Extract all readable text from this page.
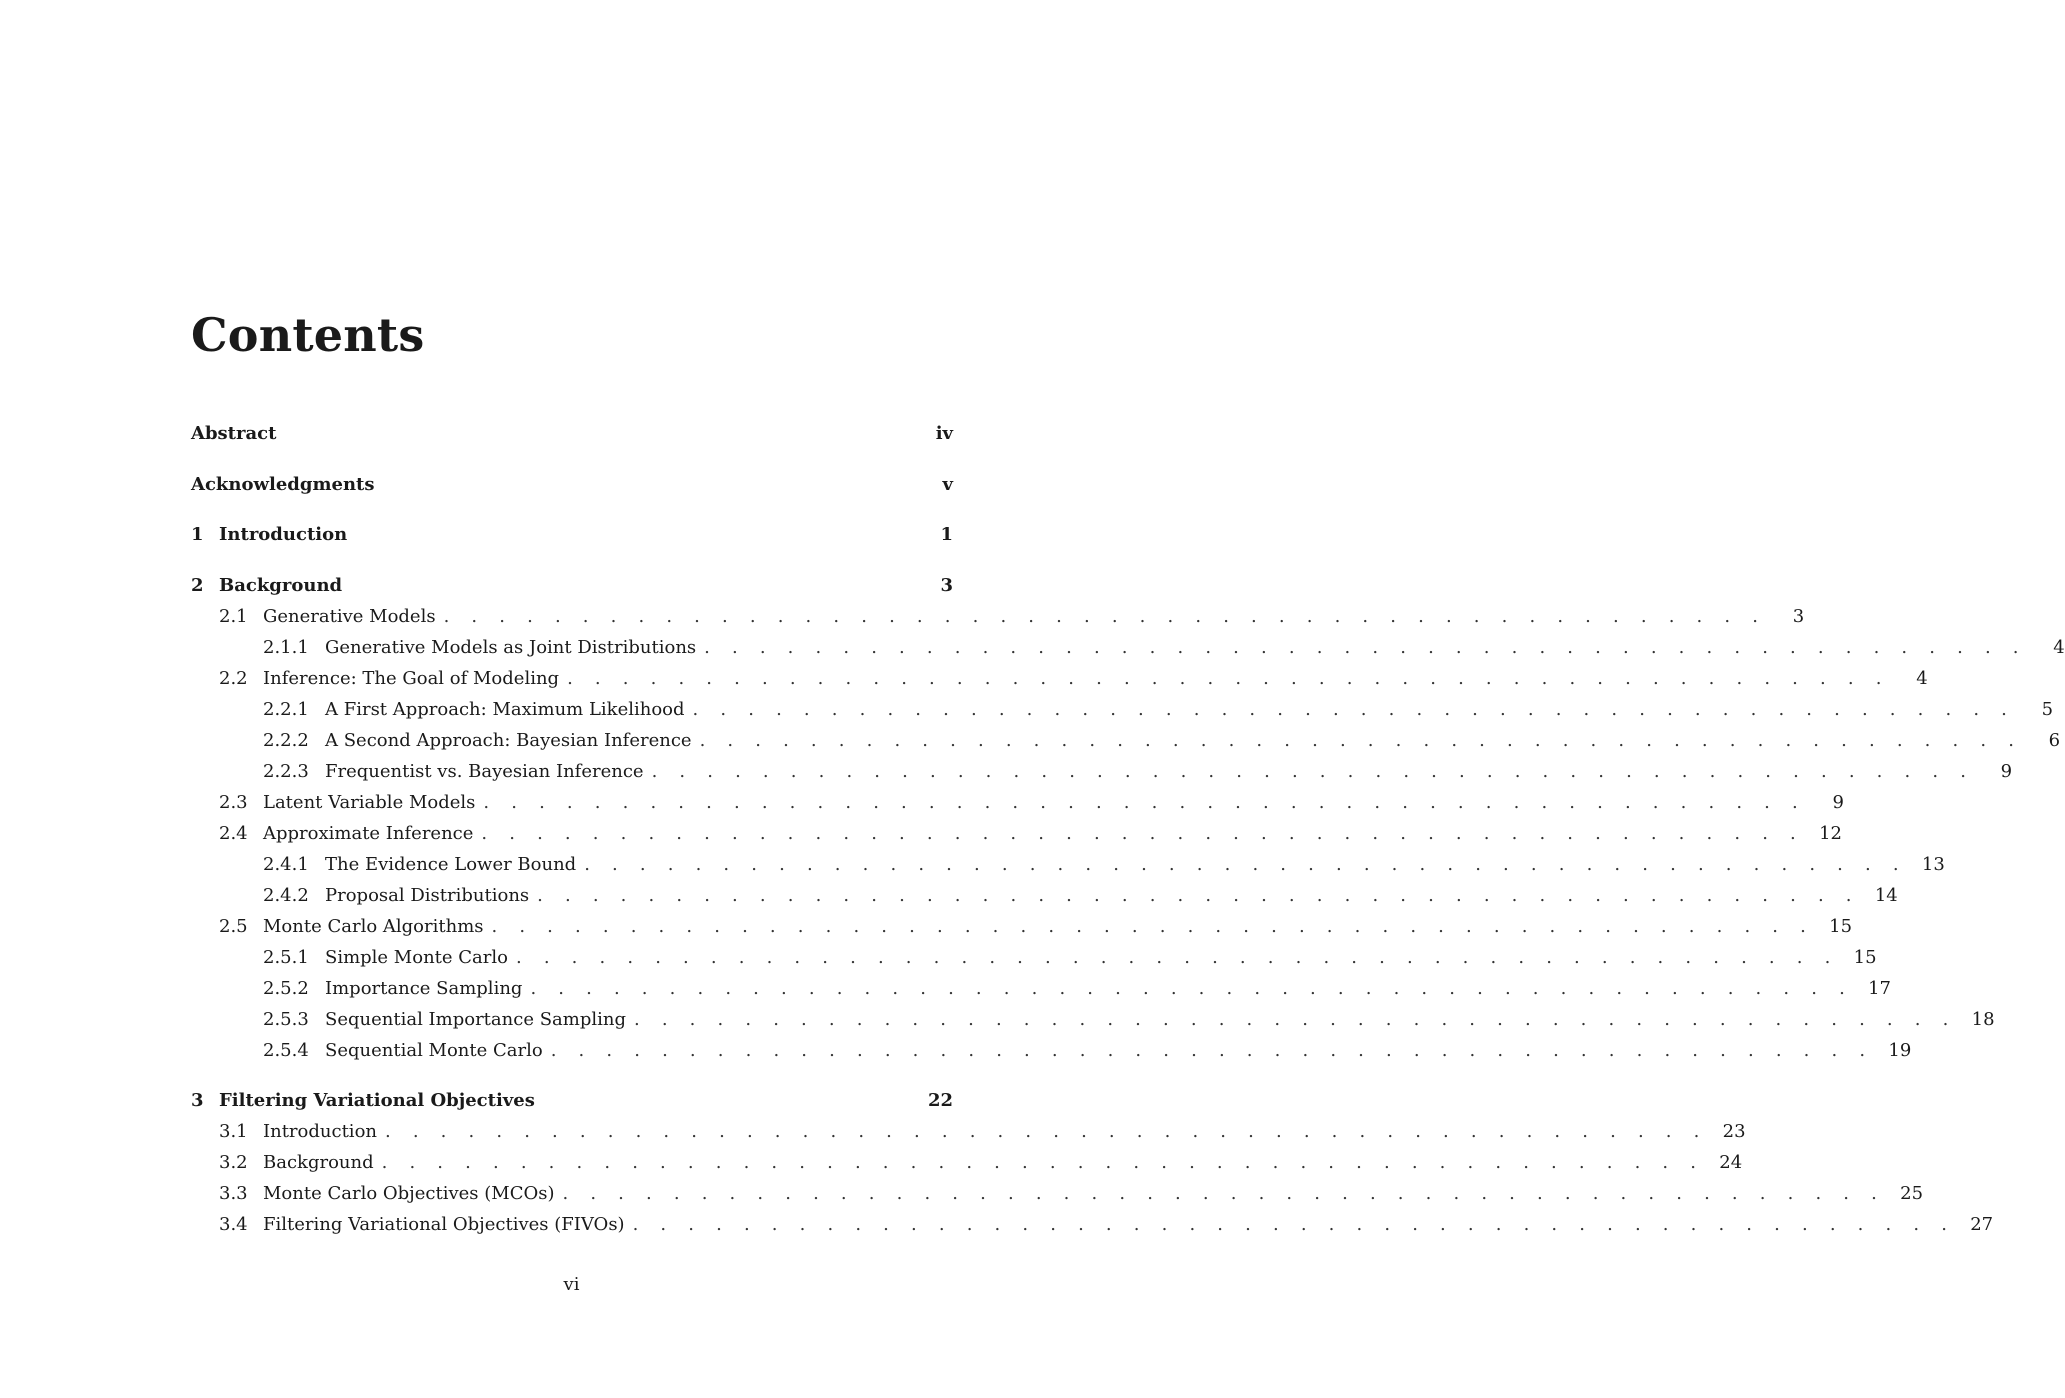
Contents
Abstract	iv
Acknowledgments	v
1 Introduction	1
2 Background	3
2.1 Generative Models . . . . . . . . . . . . . . . . . . . . . . . . . . . . . . . . . . . . . . . . . . . . . . . .	3
2.1.1 Generative Models as Joint Distributions . . . . . . . . . . . . . . . . . . . . . . . . . . . . . . . . . . . . . . . . . . . . . . . .	4
2.2 Inference: The Goal of Modeling . . . . . . . . . . . . . . . . . . . . . . . . . . . . . . . . . . . . . . . . . . . . . . . .	4
2.2.1 A First Approach: Maximum Likelihood . . . . . . . . . . . . . . . . . . . . . . . . . . . . . . . . . . . . . . . . . . . . . . . .	5
2.2.2 A Second Approach: Bayesian Inference . . . . . . . . . . . . . . . . . . . . . . . . . . . . . . . . . . . . . . . . . . . . . . . .	6
2.2.3 Frequentist vs. Bayesian Inference . . . . . . . . . . . . . . . . . . . . . . . . . . . . . . . . . . . . . . . . . . . . . . . .	9
2.3 Latent Variable Models . . . . . . . . . . . . . . . . . . . . . . . . . . . . . . . . . . . . . . . . . . . . . . . .	9
2.4 Approximate Inference . . . . . . . . . . . . . . . . . . . . . . . . . . . . . . . . . . . . . . . . . . . . . . . . 12
2.4.1 The Evidence Lower Bound . . . . . . . . . . . . . . . . . . . . . . . . . . . . . . . . . . . . . . . . . . . . . . . . 13
2.4.2 Proposal Distributions . . . . . . . . . . . . . . . . . . . . . . . . . . . . . . . . . . . . . . . . . . . . . . . . 14
2.5 Monte Carlo Algorithms . . . . . . . . . . . . . . . . . . . . . . . . . . . . . . . . . . . . . . . . . . . . . . . . 15
2.5.1 Simple Monte Carlo . . . . . . . . . . . . . . . . . . . . . . . . . . . . . . . . . . . . . . . . . . . . . . . . 15
2.5.2 Importance Sampling . . . . . . . . . . . . . . . . . . . . . . . . . . . . . . . . . . . . . . . . . . . . . . . . 17
2.5.3 Sequential Importance Sampling . . . . . . . . . . . . . . . . . . . . . . . . . . . . . . . . . . . . . . . . . . . . . . . . 18
2.5.4 Sequential Monte Carlo . . . . . . . . . . . . . . . . . . . . . . . . . . . . . . . . . . . . . . . . . . . . . . . . 19
3 Filtering Variational Objectives	22
3.1 Introduction . . . . . . . . . . . . . . . . . . . . . . . . . . . . . . . . . . . . . . . . . . . . . . . . 23
3.2 Background . . . . . . . . . . . . . . . . . . . . . . . . . . . . . . . . . . . . . . . . . . . . . . . . 24
3.3 Monte Carlo Objectives (MCOs) . . . . . . . . . . . . . . . . . . . . . . . . . . . . . . . . . . . . . . . . . . . . . . . . 25
3.4 Filtering Variational Objectives (FIVOs) . . . . . . . . . . . . . . . . . . . . . . . . . . . . . . . . . . . . . . . . . . . . . . . . 27
vi
